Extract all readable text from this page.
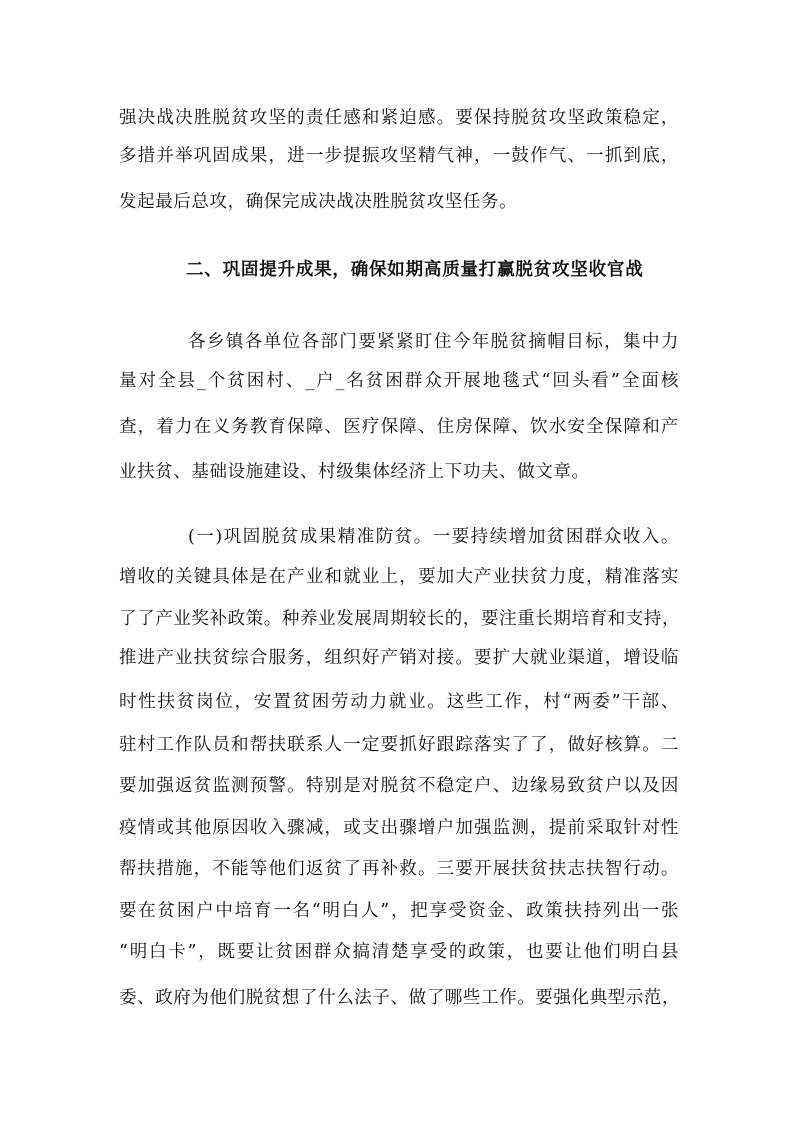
强决战决胜脱贫攻坚的责任感和紧迫感。要保持脱贫攻坚政策稳定，
多措并举巩固成果，进一步提振攻坚精气神，一鼓作气、一抓到底，
发起最后总攻，确保完成决战决胜脱贫攻坚任务。
二、巩固提升成果，确保如期高质量打赢脱贫攻坚收官战
各乡镇各单位各部门要紧紧盯住今年脱贫摘帽目标，集中力
量对全县_个贫困村、_户_名贫困群众开展地毯式“回头看”全面核
查，着力在义务教育保障、医疗保障、住房保障、饮水安全保障和产
业扶贫、基础设施建设、村级集体经济上下功夫、做文章。
(一)巩固脱贫成果精准防贫。一要持续增加贫困群众收入。
增收的关键具体是在产业和就业上，要加大产业扶贫力度，精准落实
了了产业奖补政策。种养业发展周期较长的，要注重长期培育和支持，
推进产业扶贫综合服务，组织好产销对接。要扩大就业渠道，增设临
时性扶贫岗位，安置贫困劳动力就业。这些工作，村“两委”干部、
驻村工作队员和帮扶联系人一定要抓好跟踪落实了了，做好核算。二
要加强返贫监测预警。特别是对脱贫不稳定户、边缘易致贫户以及因
疫情或其他原因收入骤减，或支出骤增户加强监测，提前采取针对性
帮扶措施，不能等他们返贫了再补救。三要开展扶贫扶志扶智行动。
要在贫困户中培育一名“明白人”，把享受资金、政策扶持列出一张
“明白卡”，既要让贫困群众搞清楚享受的政策，也要让他们明白县
委、政府为他们脱贫想了什么法子、做了哪些工作。要强化典型示范，
